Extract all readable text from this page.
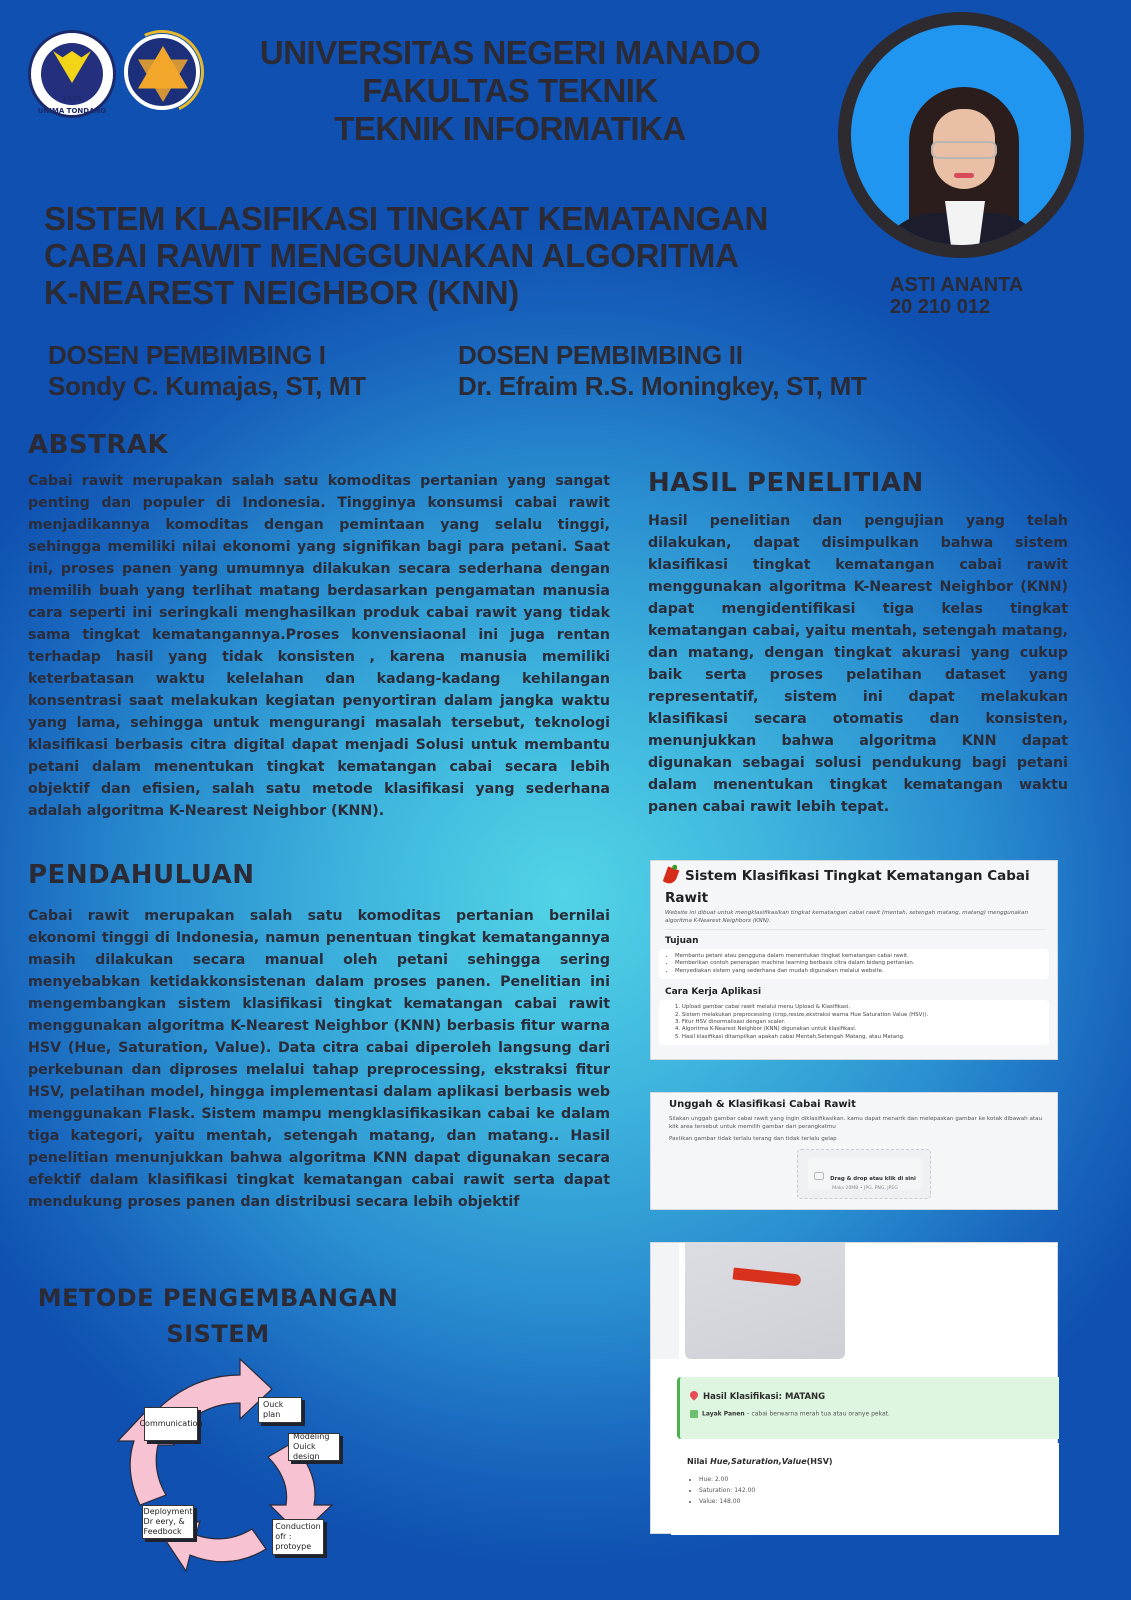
1955
UNIMA TONDANO
UNIVERSITAS NEGERI MANADO
FAKULTAS TEKNIK
TEKNIK INFORMATIKA
ASTI ANANTA
20 210 012
SISTEM KLASIFIKASI TINGKAT KEMATANGAN
CABAI RAWIT MENGGUNAKAN ALGORITMA
K-NEAREST NEIGHBOR (KNN)
DOSEN PEMBIMBING I
Sondy C. Kumajas, ST, MT
DOSEN PEMBIMBING II
Dr. Efraim R.S. Moningkey, ST, MT
ABSTRAK
Cabai rawit merupakan salah satu komoditas pertanian yang sangat penting dan populer di Indonesia. Tingginya konsumsi cabai rawit menjadikannya komoditas dengan pemintaan yang selalu tinggi, sehingga memiliki nilai ekonomi yang signifikan bagi para petani. Saat ini, proses panen yang umumnya dilakukan secara sederhana dengan memilih buah yang terlihat matang berdasarkan pengamatan manusia cara seperti ini seringkali menghasilkan produk cabai rawit yang tidak sama tingkat kematangannya.Proses konvensiaonal ini juga rentan terhadap hasil yang tidak konsisten , karena manusia memiliki keterbatasan waktu kelelahan dan kadang-kadang kehilangan konsentrasi saat melakukan kegiatan penyortiran dalam jangka waktu yang lama, sehingga untuk mengurangi masalah tersebut, teknologi klasifikasi berbasis citra digital dapat menjadi Solusi untuk membantu petani dalam menentukan tingkat kematangan cabai secara lebih objektif dan efisien, salah satu metode klasifikasi yang sederhana adalah algoritma K-Nearest Neighbor (KNN).
PENDAHULUAN
Cabai rawit merupakan salah satu komoditas pertanian bernilai ekonomi tinggi di Indonesia, namun penentuan tingkat kematangannya masih dilakukan secara manual oleh petani sehingga sering menyebabkan ketidakkonsistenan dalam proses panen. Penelitian ini mengembangkan sistem klasifikasi tingkat kematangan cabai rawit menggunakan algoritma K-Nearest Neighbor (KNN) berbasis fitur warna HSV (Hue, Saturation, Value). Data citra cabai diperoleh langsung dari perkebunan dan diproses melalui tahap preprocessing, ekstraksi fitur HSV, pelatihan model, hingga implementasi dalam aplikasi berbasis web menggunakan Flask. Sistem mampu mengklasifikasikan cabai ke dalam tiga kategori, yaitu mentah, setengah matang, dan matang.. Hasil penelitian menunjukkan bahwa algoritma KNN dapat digunakan secara efektif dalam klasifikasi tingkat kematangan cabai rawit serta dapat mendukung proses panen dan distribusi secara lebih objektif
HASIL PENELITIAN
Hasil penelitian dan pengujian yang telah dilakukan, dapat disimpulkan bahwa sistem klasifikasi tingkat kematangan cabai rawit menggunakan algoritma K-Nearest Neighbor (KNN) dapat mengidentifikasi tiga kelas tingkat kematangan cabai, yaitu mentah, setengah matang, dan matang, dengan tingkat akurasi yang cukup baik serta proses pelatihan dataset yang representatif, sistem ini dapat melakukan klasifikasi secara otomatis dan konsisten, menunjukkan bahwa algoritma KNN dapat digunakan sebagai solusi pendukung bagi petani dalam menentukan tingkat kematangan waktu panen cabai rawit lebih tepat.
METODE PENGEMBANGAN
SISTEM
Communication
Ouck plan
Modeling Ouick design
Conduction ofr : protoype
Deployment Dr eery, & Feedbock
Sistem Klasifikasi Tingkat Kematangan Cabai Rawit
Website ini dibuat untuk mengklasifikasikan tingkat kematangan cabai rawit (mentah, setengah matang, matang) menggunakan algoritma K-Nearest Neighbors (KNN).
Tujuan
• Membantu petani atau pengguna dalam menentukan tingkat kematangan cabai rawit.
• Memberikan contoh penerapan machine learning berbasis citra dalam bidang pertanian.
• Menyediakan sistem yang sederhana dan mudah digunakan melalui website.
Cara Kerja Aplikasi
1. Upload gambar cabai rawit melalui menu Upload & Klasifikasi.
2. Sistem melakukan preprocessing (crop,resize,ekstraksi warna Hue Saturation Value (HSV)).
3. Fitur HSV dinormalisasi dengan scaler.
4. Algoritma K-Nearest Neighbor (KNN) digunakan untuk klasifikasi.
5. Hasil klasifikasi ditampilkan apakah cabai Mentah,Setengah Matang, atau Matang.
Unggah & Klasifikasi Cabai Rawit
Silakan unggah gambar cabai rawit yang ingin diklasifikasikan. kamu dapat menarik dan melepaskan gambar ke kotak dibawah atau klik area tersebut untuk memilih gambar dari perangkatmu
Pastikan gambar tidak terlalu terang dan tidak terlalu gelap
Drag & drop atau klik di sini
Maks 20MB • JPG, PNG, JPEG
Hasil Klasifikasi: MATANG
Layak Panen – cabai berwarna merah tua atau oranye pekat.
Nilai Hue,Saturation,Value(HSV)
• Hue: 2.00
• Saturation: 142.00
• Value: 148.00
